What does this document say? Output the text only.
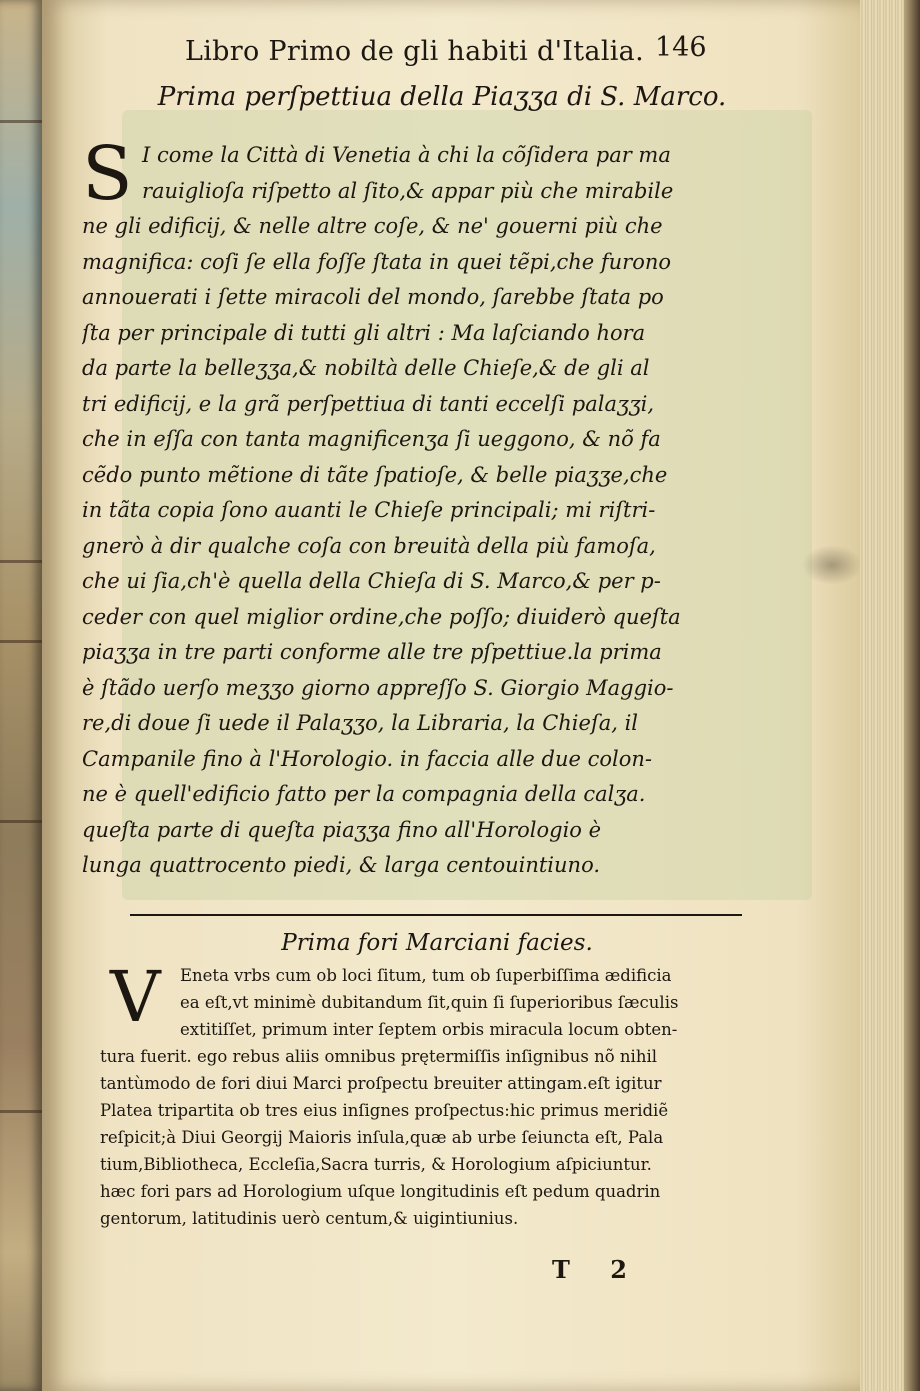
Libro Primo de gli habiti d'Italia. 146
Prima perſpettiua della Piaʒʒa di S. Marco.
S I come la Città di Venetia à chi la cõſidera par ma
rauiglioſa riſpetto al ſito,& appar più che mirabile
ne gli edificij, & nelle altre coſe, & ne' gouerni più che
magnifica: coſi ſe ella foſſe ſtata in quei tẽpi,che furono
annouerati i ſette miracoli del mondo, ſarebbe ſtata po
ſta per principale di tutti gli altri : Ma laſciando hora
da parte la belleʒʒa,& nobiltà delle Chieſe,& de gli al
tri edificij, e la grã perſpettiua di tanti eccelſi palaʒʒi,
che in eſſa con tanta magnificenʒa ſi ueggono, & nõ fa
cẽdo punto mẽtione di tãte ſpatioſe, & belle piaʒʒe,che
in tãta copia ſono auanti le Chieſe principali; mi riſtri-
gnerò à dir qualche coſa con breuità della più famoſa,
che ui ſia,ch'è quella della Chieſa di S. Marco,& per p-
ceder con quel miglior ordine,che poſſo; diuiderò queſta
piaʒʒa in tre parti conforme alle tre pſpettiue.la prima
è ſtãdo uerſo meʒʒo giorno appreſſo S. Giorgio Maggio-
re,di doue ſi uede il Palaʒʒo, la Libraria, la Chieſa, il
Campanile fino à l'Horologio. in faccia alle due colon-
ne è quell'edificio fatto per la compagnia della calʒa.
queſta parte di queſta piaʒʒa fino all'Horologio è
lunga quattrocento piedi, & larga centouintiuno.
Prima fori Marciani facies.
V	Eneta vrbs cum ob loci ſitum, tum ob ſuperbiſſima ædificia
ea eſt,vt minimè dubitandum ſit,quin ſi ſuperioribus ſæculis
extitiſſet, primum inter ſeptem orbis miracula locum obten-
tura fuerit. ego rebus aliis omnibus prętermiſſis inſignibus nõ nihil
tantùmodo de fori diui Marci proſpectu breuiter attingam.eſt igitur
Platea tripartita ob tres eius inſignes proſpectus:hic primus meridiẽ
reſpicit;à Diui Georgij Maioris inſula,quæ ab urbe ſeiuncta eſt, Pala
tium,Bibliotheca, Eccleſia,Sacra turris, & Horologium aſpiciuntur.
hæc fori pars ad Horologium uſque longitudinis eſt pedum quadrin
gentorum, latitudinis uerò centum,& uigintiunius.
T 2
